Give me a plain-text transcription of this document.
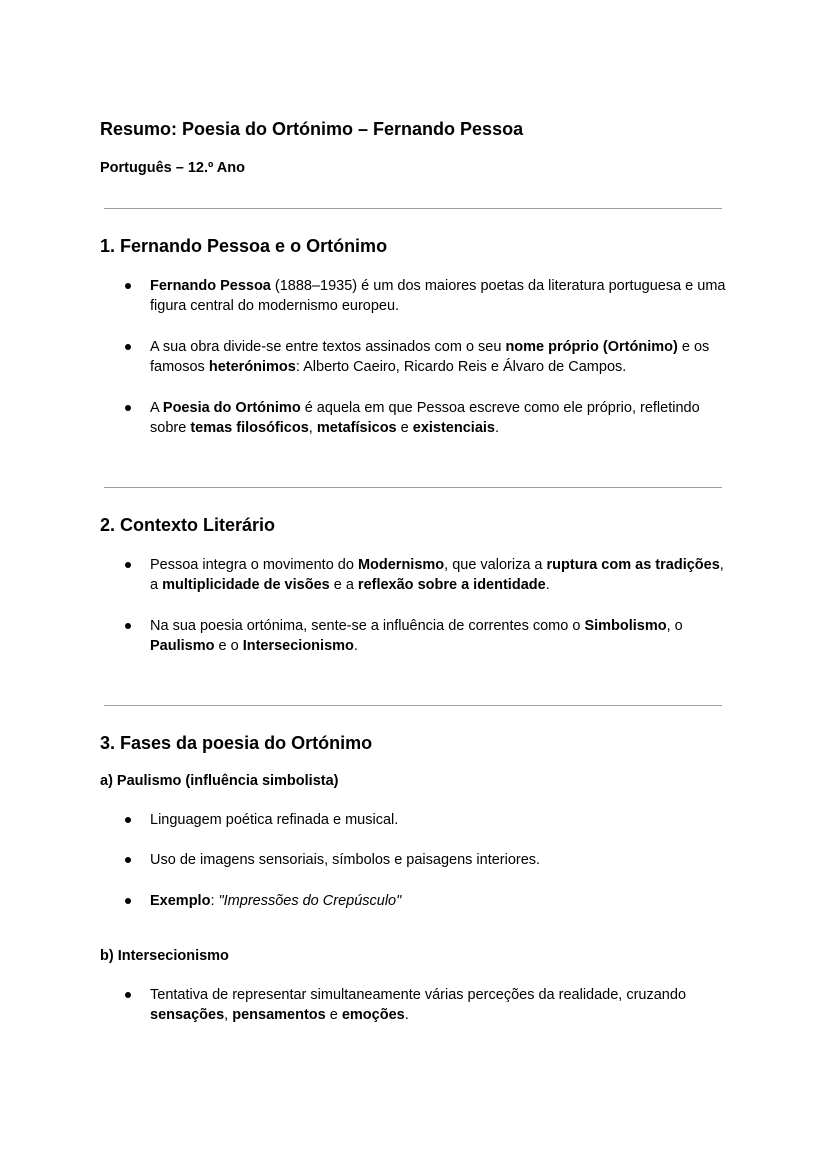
Resumo: Poesia do Ortónimo – Fernando Pessoa

Português – 12.º Ano

1. Fernando Pessoa e o Ortónimo
Fernando Pessoa (1888–1935) é um dos maiores poetas da literatura portuguesa e uma figura central do modernismo europeu.
A sua obra divide-se entre textos assinados com o seu nome próprio (Ortónimo) e os famosos heterónimos: Alberto Caeiro, Ricardo Reis e Álvaro de Campos.
A Poesia do Ortónimo é aquela em que Pessoa escreve como ele próprio, refletindo sobre temas filosóficos, metafísicos e existenciais.
2. Contexto Literário
Pessoa integra o movimento do Modernismo, que valoriza a ruptura com as tradições, a multiplicidade de visões e a reflexão sobre a identidade.
Na sua poesia ortónima, sente-se a influência de correntes como o Simbolismo, o Paulismo e o Intersecionismo.
3. Fases da poesia do Ortónimo
a) Paulismo (influência simbolista)
Linguagem poética refinada e musical.
Uso de imagens sensoriais, símbolos e paisagens interiores.
Exemplo: "Impressões do Crepúsculo"
b) Intersecionismo
Tentativa de representar simultaneamente várias perceções da realidade, cruzando sensações, pensamentos e emoções.
